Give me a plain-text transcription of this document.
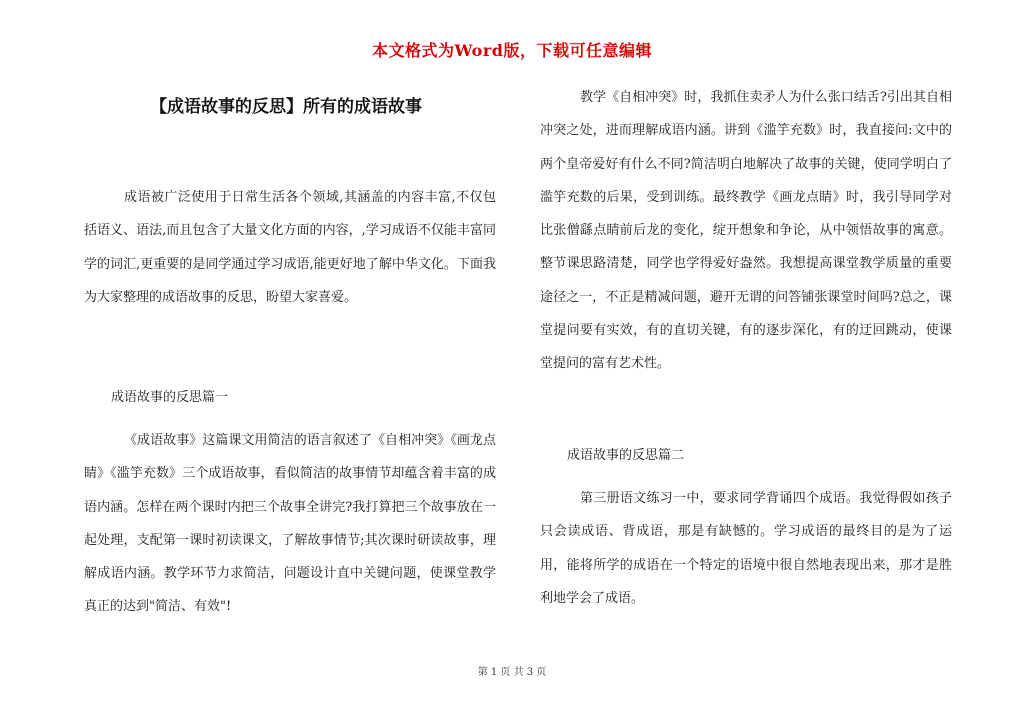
本文格式为Word版，下载可任意编辑
【成语故事的反思】所有的成语故事

成语被广泛使用于日常生活各个领域,其涵盖的内容丰富,不仅包括语义、语法,而且包含了大量文化方面的内容，,学习成语不仅能丰富同学的词汇,更重要的是同学通过学习成语,能更好地了解中华文化。下面我为大家整理的成语故事的反思，盼望大家喜爱。

成语故事的反思篇一

《成语故事》这篇课文用简洁的语言叙述了《自相冲突》《画龙点睛》《滥竽充数》三个成语故事，看似简洁的故事情节却蕴含着丰富的成语内涵。怎样在两个课时内把三个故事全讲完?我打算把三个故事放在一起处理，支配第一课时初读课文，了解故事情节;其次课时研读故事，理解成语内涵。教学环节力求简洁，问题设计直中关键问题，使课堂教学真正的达到"简洁、有效"!

教学《自相冲突》时，我抓住卖矛人为什么张口结舌?引出其自相冲突之处，进而理解成语内涵。讲到《滥竽充数》时，我直接问:文中的两个皇帝爱好有什么不同?简洁明白地解决了故事的关键，使同学明白了滥竽充数的后果，受到训练。最终教学《画龙点睛》时，我引导同学对比张僧繇点睛前后龙的变化，绽开想象和争论，从中领悟故事的寓意。整节课思路清楚，同学也学得爱好盎然。我想提高课堂教学质量的重要途径之一，不正是精减问题，避开无谓的问答铺张课堂时间吗?总之，课堂提问要有实效，有的直切关键，有的逐步深化，有的迂回跳动，使课堂提问的富有艺术性。

成语故事的反思篇二

第三册语文练习一中，要求同学背诵四个成语。我觉得假如孩子只会读成语、背成语，那是有缺憾的。学习成语的最终目的是为了运用，能将所学的成语在一个特定的语境中很自然地表现出来，那才是胜利地学会了成语。

第 1 页 共 3 页
